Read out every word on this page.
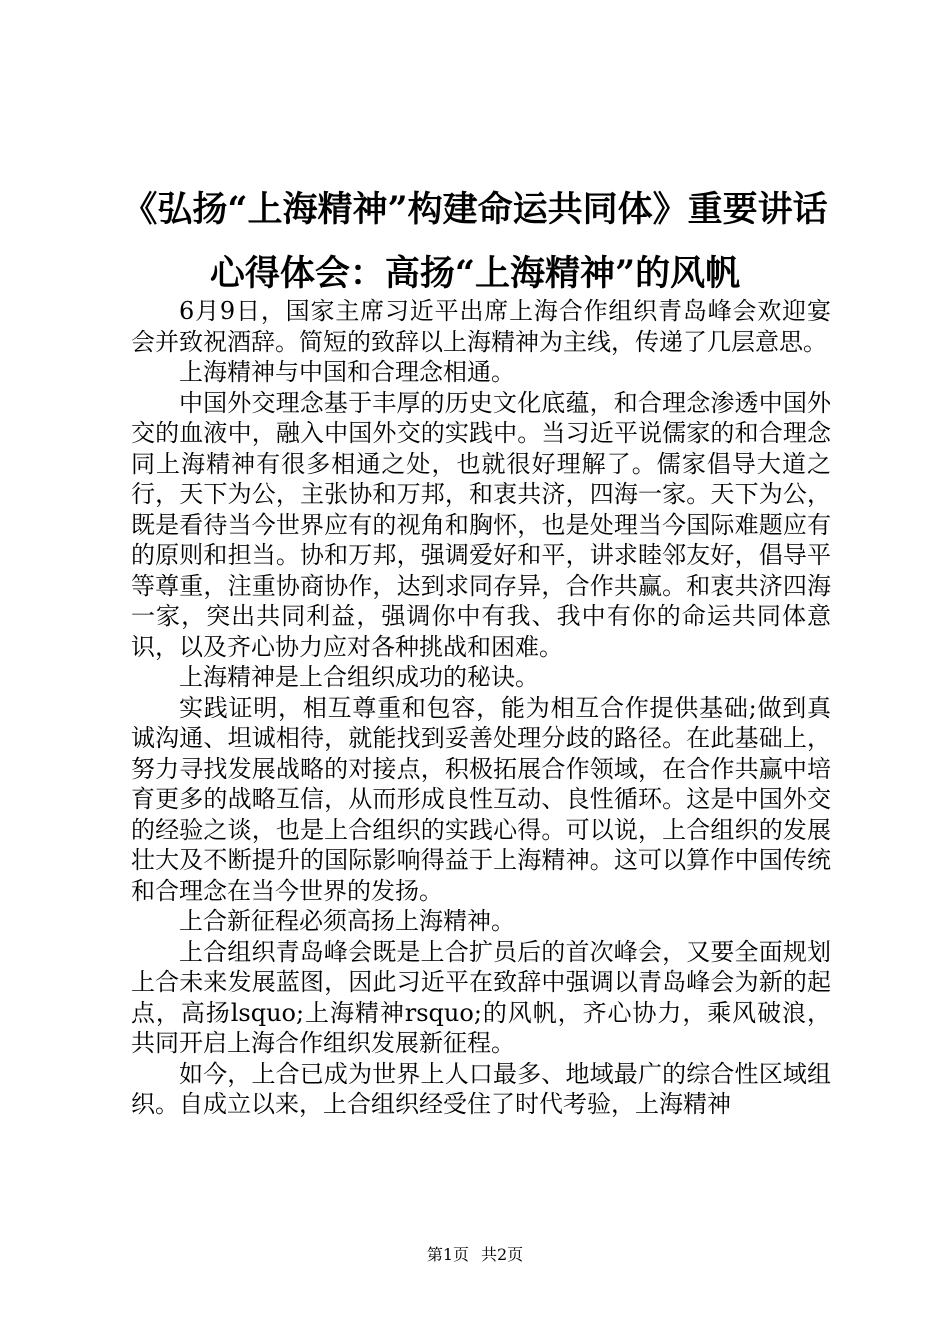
《弘扬“上海精神”构建命运共同体》重要讲话心得体会：高扬“上海精神”的风帆

6月9日，国家主席习近平出席上海合作组织青岛峰会欢迎宴会并致祝酒辞。简短的致辞以上海精神为主线，传递了几层意思。

上海精神与中国和合理念相通。

中国外交理念基于丰厚的历史文化底蕴，和合理念渗透中国外交的血液中，融入中国外交的实践中。当习近平说儒家的和合理念同上海精神有很多相通之处，也就很好理解了。儒家倡导大道之行，天下为公，主张协和万邦，和衷共济，四海一家。天下为公，既是看待当今世界应有的视角和胸怀，也是处理当今国际难题应有的原则和担当。协和万邦，强调爱好和平，讲求睦邻友好，倡导平等尊重，注重协商协作，达到求同存异，合作共赢。和衷共济四海一家，突出共同利益，强调你中有我、我中有你的命运共同体意识，以及齐心协力应对各种挑战和困难。

上海精神是上合组织成功的秘诀。

实践证明，相互尊重和包容，能为相互合作提供基础;做到真诚沟通、坦诚相待，就能找到妥善处理分歧的路径。在此基础上，努力寻找发展战略的对接点，积极拓展合作领域，在合作共赢中培育更多的战略互信，从而形成良性互动、良性循环。这是中国外交的经验之谈，也是上合组织的实践心得。可以说，上合组织的发展壮大及不断提升的国际影响得益于上海精神。这可以算作中国传统和合理念在当今世界的发扬。

上合新征程必须高扬上海精神。

上合组织青岛峰会既是上合扩员后的首次峰会，又要全面规划上合未来发展蓝图，因此习近平在致辞中强调以青岛峰会为新的起点，高扬lsquo;上海精神rsquo;的风帆，齐心协力，乘风破浪，共同开启上海合作组织发展新征程。

如今，上合已成为世界上人口最多、地域最广的综合性区域组织。自成立以来，上合组织经受住了时代考验，上海精神

第1页 共2页
